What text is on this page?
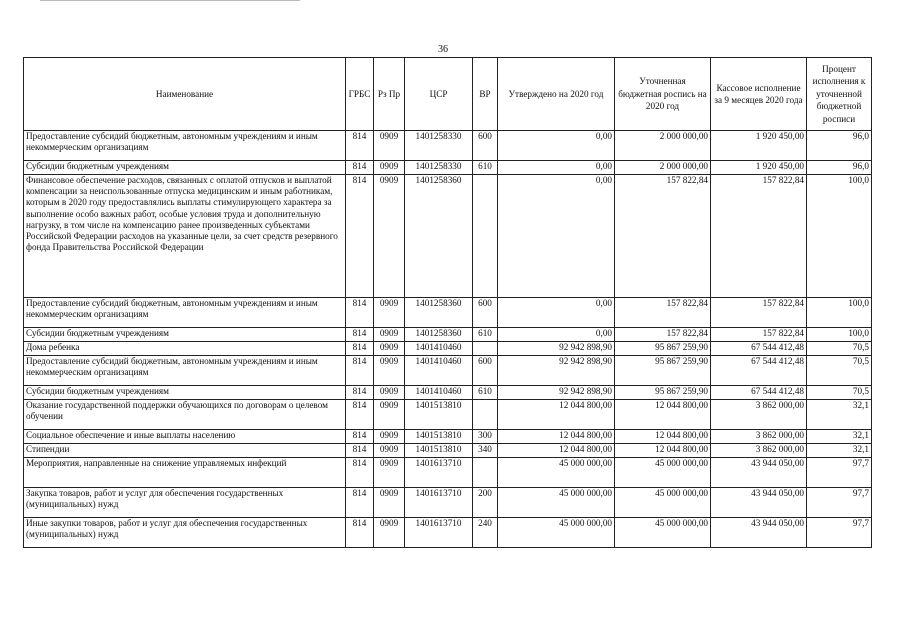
36
Наименование	ГРБС	Рз Пр	ЦСР	ВР	Утверждено на 2020 год	Уточненная бюджетная роспись на 2020 год	Кассовое исполнение за 9 месяцев 2020 года	Процент исполнения к уточненной бюджетной росписи
Предоставление субсидий бюджетным, автономным учреждениям и иным некоммерческим организациям	814	0909	1401258330	600	0,00	2 000 000,00	1 920 450,00	96,0
Субсидии бюджетным учреждениям	814	0909	1401258330	610	0,00	2 000 000,00	1 920 450,00	96,0
Финансовое обеспечение расходов, связанных с оплатой отпусков и выплатой компенсации за неиспользованные отпуска медицинским и иным работникам, которым в 2020 году предоставлялись выплаты стимулирующего характера за выполнение особо важных работ, особые условия труда и дополнительную нагрузку, в том числе на компенсацию ранее произведенных субъектами Российской Федерации расходов на указанные цели, за счет средств резервного фонда Правительства Российской Федерации	814	0909	1401258360		0,00	157 822,84	157 822,84	100,0
Предоставление субсидий бюджетным, автономным учреждениям и иным некоммерческим организациям	814	0909	1401258360	600	0,00	157 822,84	157 822,84	100,0
Субсидии бюджетным учреждениям	814	0909	1401258360	610	0,00	157 822,84	157 822,84	100,0
Дома ребенка	814	0909	1401410460		92 942 898,90	95 867 259,90	67 544 412,48	70,5
Предоставление субсидий бюджетным, автономным учреждениям и иным некоммерческим организациям	814	0909	1401410460	600	92 942 898,90	95 867 259,90	67 544 412,48	70,5
Субсидии бюджетным учреждениям	814	0909	1401410460	610	92 942 898,90	95 867 259,90	67 544 412,48	70,5
Оказание государственной поддержки обучающихся по договорам о целевом обучении	814	0909	1401513810		12 044 800,00	12 044 800,00	3 862 000,00	32,1
Социальное обеспечение и иные выплаты населению	814	0909	1401513810	300	12 044 800,00	12 044 800,00	3 862 000,00	32,1
Стипендии	814	0909	1401513810	340	12 044 800,00	12 044 800,00	3 862 000,00	32,1
Мероприятия, направленные на снижение управляемых инфекций	814	0909	1401613710		45 000 000,00	45 000 000,00	43 944 050,00	97,7
Закупка товаров, работ и услуг для обеспечения государственных (муниципальных) нужд	814	0909	1401613710	200	45 000 000,00	45 000 000,00	43 944 050,00	97,7
Иные закупки товаров, работ и услуг для обеспечения государственных (муниципальных) нужд	814	0909	1401613710	240	45 000 000,00	45 000 000,00	43 944 050,00	97,7
